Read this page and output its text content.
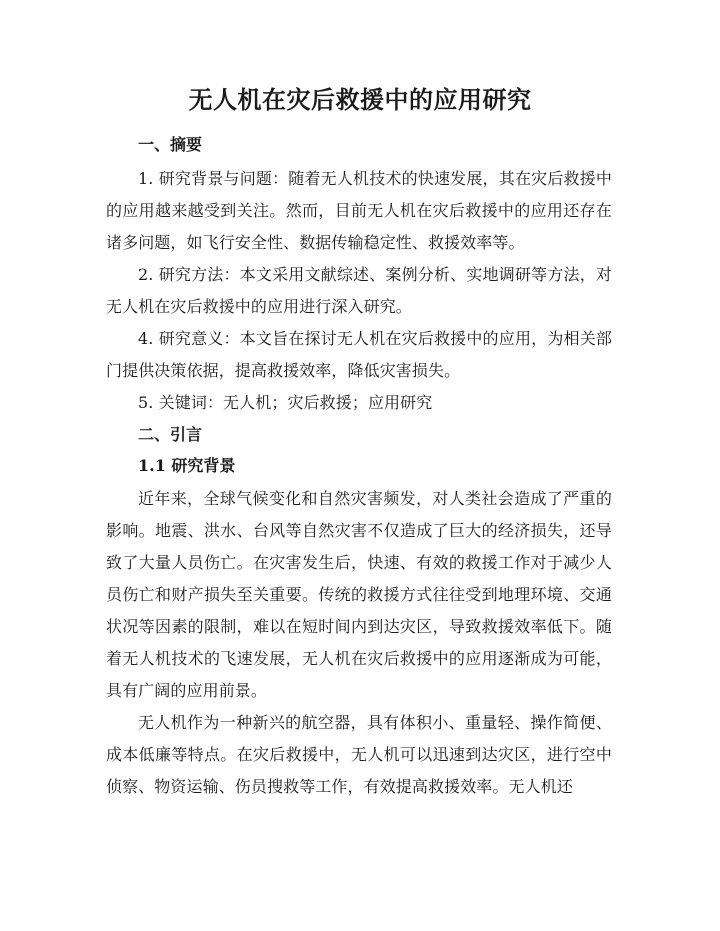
无人机在灾后救援中的应用研究
一、摘要

1. 研究背景与问题：随着无人机技术的快速发展，其在灾后救援中的应用越来越受到关注。然而，目前无人机在灾后救援中的应用还存在诸多问题，如飞行安全性、数据传输稳定性、救援效率等。

2. 研究方法：本文采用文献综述、案例分析、实地调研等方法，对无人机在灾后救援中的应用进行深入研究。

4. 研究意义：本文旨在探讨无人机在灾后救援中的应用，为相关部门提供决策依据，提高救援效率，降低灾害损失。

5. 关键词：无人机；灾后救援；应用研究

二、引言
1.1 研究背景

近年来，全球气候变化和自然灾害频发，对人类社会造成了严重的影响。地震、洪水、台风等自然灾害不仅造成了巨大的经济损失，还导致了大量人员伤亡。在灾害发生后，快速、有效的救援工作对于减少人员伤亡和财产损失至关重要。传统的救援方式往往受到地理环境、交通状况等因素的限制，难以在短时间内到达灾区，导致救援效率低下。随着无人机技术的飞速发展，无人机在灾后救援中的应用逐渐成为可能，具有广阔的应用前景。

无人机作为一种新兴的航空器，具有体积小、重量轻、操作简便、成本低廉等特点。在灾后救援中，无人机可以迅速到达灾区，进行空中侦察、物资运输、伤员搜救等工作，有效提高救援效率。无人机还
